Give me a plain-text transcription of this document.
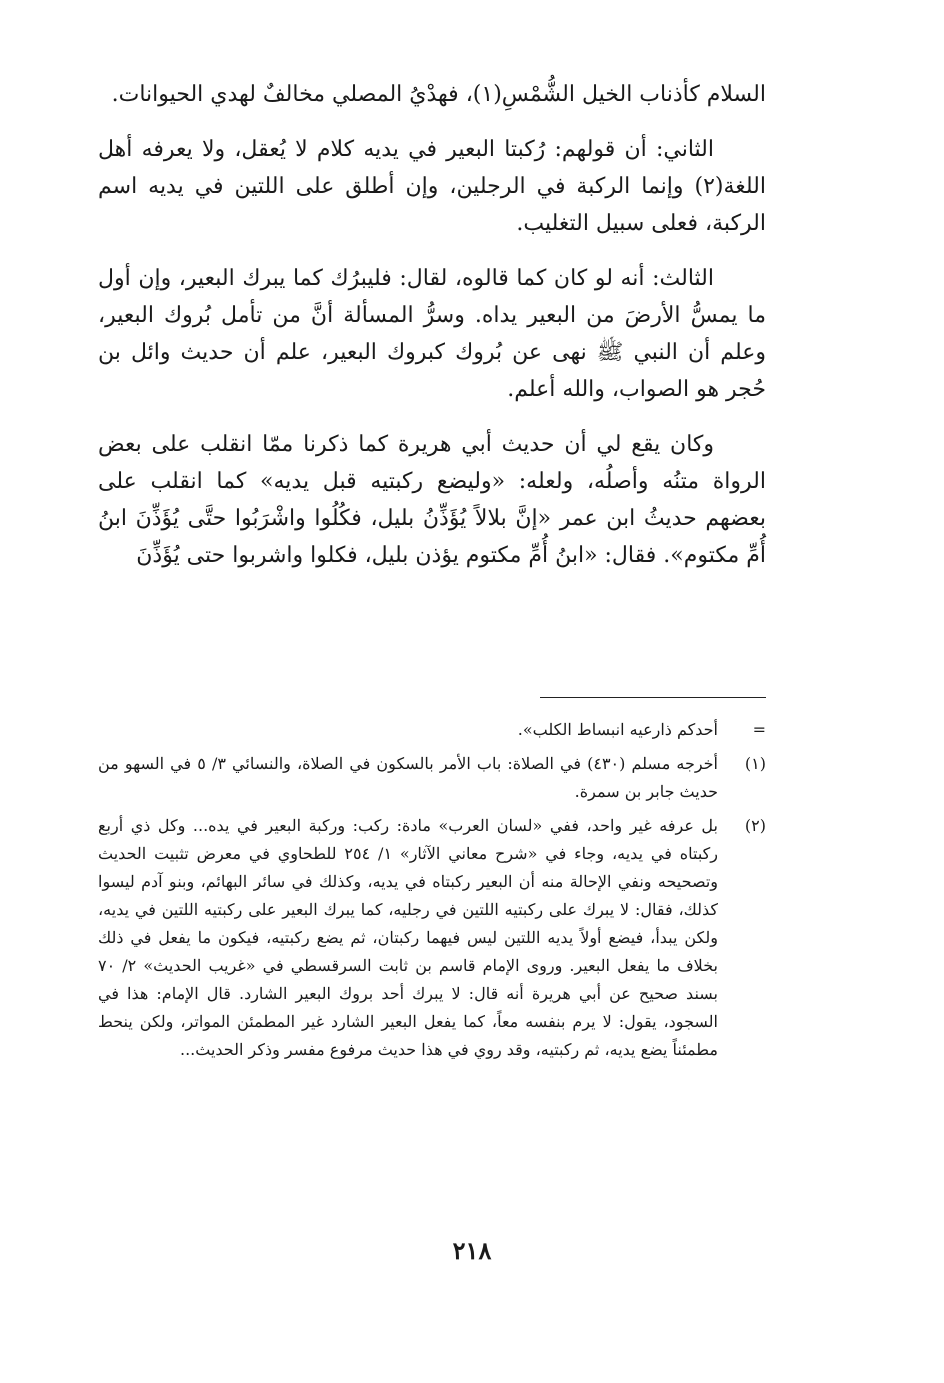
السلام كأذناب الخيل الشُّمْسِ(١)، فهدْيُ المصلي مخالفٌ لهدي الحيوانات.

الثاني: أن قولهم: رُكبتا البعير في يديه كلام لا يُعقل، ولا يعرفه أهل اللغة(٢) وإنما الركبة في الرجلين، وإن أطلق على اللتين في يديه اسم الركبة، فعلى سبيل التغليب.

الثالث: أنه لو كان كما قالوه، لقال: فليبرُك كما يبرك البعير، وإن أول ما يمسُّ الأرضَ من البعير يداه. وسرُّ المسألة أنَّ من تأمل بُروك البعير، وعلم أن النبي ﷺ نهى عن بُروك كبروك البعير، علم أن حديث وائل بن حُجر هو الصواب، والله أعلم.

وكان يقع لي أن حديث أبي هريرة كما ذكرنا ممّا انقلب على بعض الرواة متنُه وأصلُه، ولعله: «وليضع ركبتيه قبل يديه» كما انقلب على بعضهم حديثُ ابن عمر «إنَّ بلالاً يُؤَذِّنُ بليل، فكُلُوا واشْرَبُوا حتَّى يُؤَذِّنَ ابنُ أُمِّ مكتوم». فقال: «ابنُ أُمِّ مكتوم يؤذن بليل، فكلوا واشربوا حتى يُؤَذِّنَ

=
أحدكم ذارعيه انبساط الكلب».
(١)
أخرجه مسلم (٤٣٠) في الصلاة: باب الأمر بالسكون في الصلاة، والنسائي ٣/ ٥ في السهو من حديث جابر بن سمرة.
(٢)
بل عرفه غير واحد، ففي «لسان العرب» مادة: ركب: وركبة البعير في يده... وكل ذي أربع ركبتاه في يديه، وجاء في «شرح معاني الآثار» ١/ ٢٥٤ للطحاوي في معرض تثبيت الحديث وتصحيحه ونفي الإحالة منه أن البعير ركبتاه في يديه، وكذلك في سائر البهائم، وبنو آدم ليسوا كذلك، فقال: لا يبرك على ركبتيه اللتين في رجليه، كما يبرك البعير على ركبتيه اللتين في يديه، ولكن يبدأ، فيضع أولاً يديه اللتين ليس فيهما ركبتان، ثم يضع ركبتيه، فيكون ما يفعل في ذلك بخلاف ما يفعل البعير. وروى الإمام قاسم بن ثابت السرقسطي في «غريب الحديث» ٢/ ٧٠ بسند صحيح عن أبي هريرة أنه قال: لا يبرك أحد بروك البعير الشارد. قال الإمام: هذا في السجود، يقول: لا يرم بنفسه معاً، كما يفعل البعير الشارد غير المطمئن المواتر، ولكن ينحط مطمئناً يضع يديه، ثم ركبتيه، وقد روي في هذا حديث مرفوع مفسر وذكر الحديث...
٢١٨
